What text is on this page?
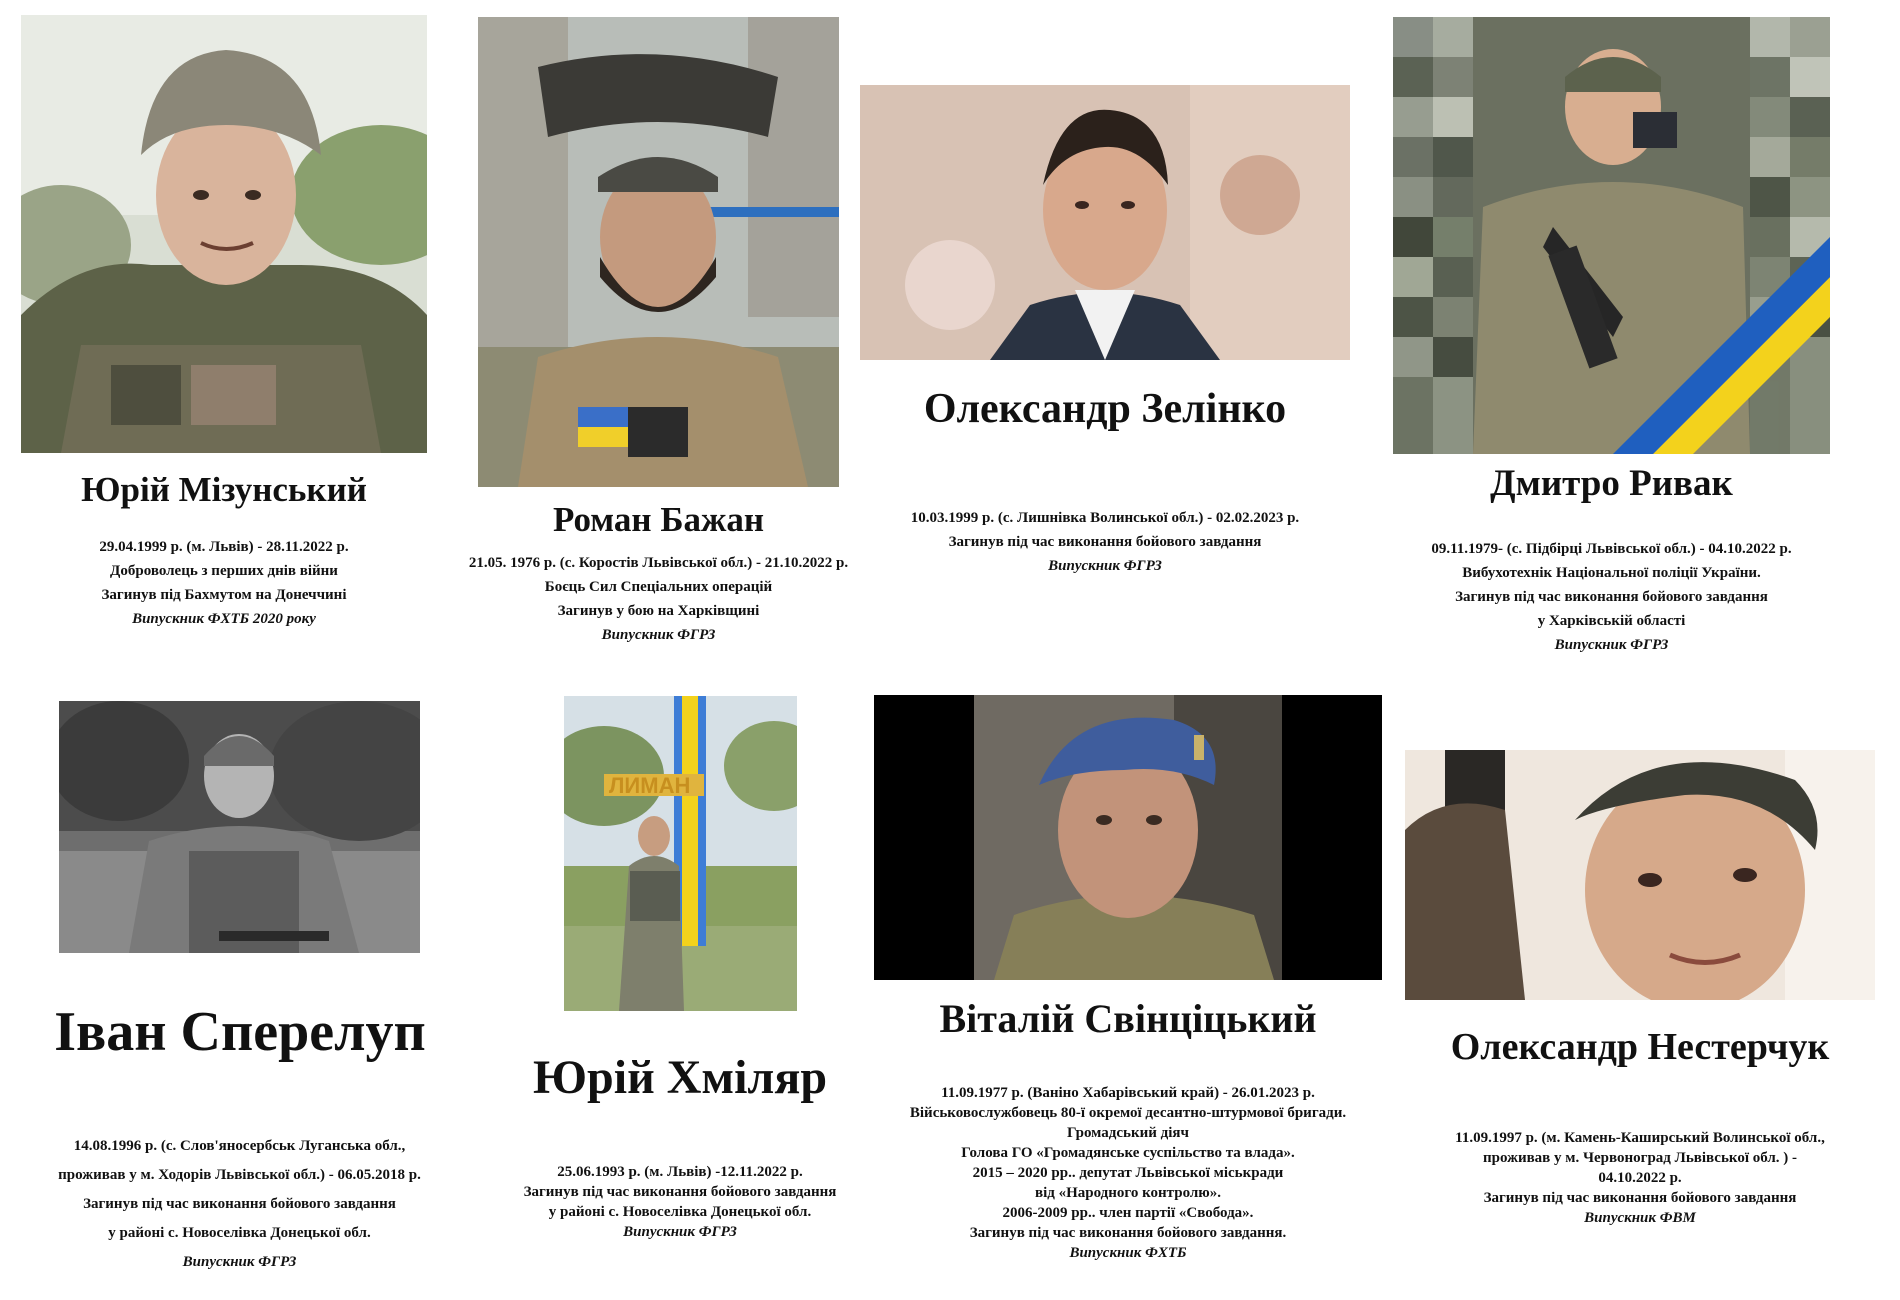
Юрій Мізунський
29.04.1999 р. (м. Львів) - 28.11.2022 р.
Доброволець з перших днів війни
Загинув під Бахмутом на Донеччині
Випускник ФХТБ 2020 року
Роман Бажан
21.05. 1976 р. (с. Коростів Львівської обл.) - 21.10.2022 р.
Боєць Сил Спеціальних операцій
Загинув у бою на Харківщині
Випускник ФГРЗ
Олександр Зелінко
10.03.1999 р. (с. Лишнівка Волинської обл.) - 02.02.2023 р.
Загинув під час виконання бойового завдання
Випускник ФГРЗ
Дмитро Ривак
09.11.1979- (с. Підбірці Львівської обл.) - 04.10.2022 р.
Вибухотехнік Національної поліції України.
Загинув під час виконання бойового завдання
у Харківській області
Випускник ФГРЗ
Іван Сперелуп
14.08.1996 р. (с. Слов'яносербськ Луганська обл.,
проживав у м. Ходорів Львівської обл.) - 06.05.2018 р.
Загинув під час виконання бойового завдання
у районі с. Новоселівка Донецької обл.
Випускник ФГРЗ
ЛИМАН
Юрій Хміляр
25.06.1993 р. (м. Львів) -12.11.2022 р.
Загинув під час виконання бойового завдання
у районі с. Новоселівка Донецької обл.
Випускник ФГРЗ
Віталій Свінціцький
11.09.1977 р. (Ваніно Хабарівський край) - 26.01.2023 р.
Військовослужбовець 80-ї окремої десантно-штурмової бригади.
Громадський діяч
Голова ГО «Громадянське суспільство та влада».
2015 – 2020 рр.. депутат Львівської міськради
від «Народного контролю».
2006-2009 рр.. член партії «Свобода».
Загинув під час виконання бойового завдання.
Випускник ФХТБ
Олександр Нестерчук
11.09.1997 р. (м. Камень-Каширський Волинської обл.,
проживав у м. Червоноград Львівської обл. ) -
04.10.2022 р.
Загинув під час виконання бойового завдання
Випускник ФВМ
